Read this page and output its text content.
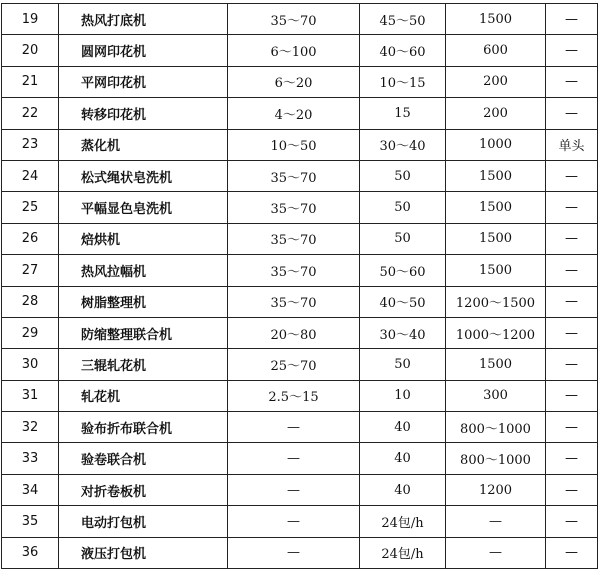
19	热风打底机	35～70	45～50	1500	—
20	圆网印花机	6～100	40～60	600	—
21	平网印花机	6～20	10～15	200	—
22	转移印花机	4～20	15	200	—
23	蒸化机	10～50	30～40	1000	单头
24	松式绳状皂洗机	35～70	50	1500	—
25	平幅显色皂洗机	35～70	50	1500	—
26	焙烘机	35～70	50	1500	—
27	热风拉幅机	35～70	50～60	1500	—
28	树脂整理机	35～70	40～50	1200～1500	—
29	防缩整理联合机	20～80	30～40	1000～1200	—
30	三辊轧花机	25～70	50	1500	—
31	轧花机	2.5～15	10	300	—
32	验布折布联合机	—	40	800～1000	—
33	验卷联合机	—	40	800～1000	—
34	对折卷板机	—	40	1200	—
35	电动打包机	—	24包/h	—	—
36	液压打包机	—	24包/h	—	—
